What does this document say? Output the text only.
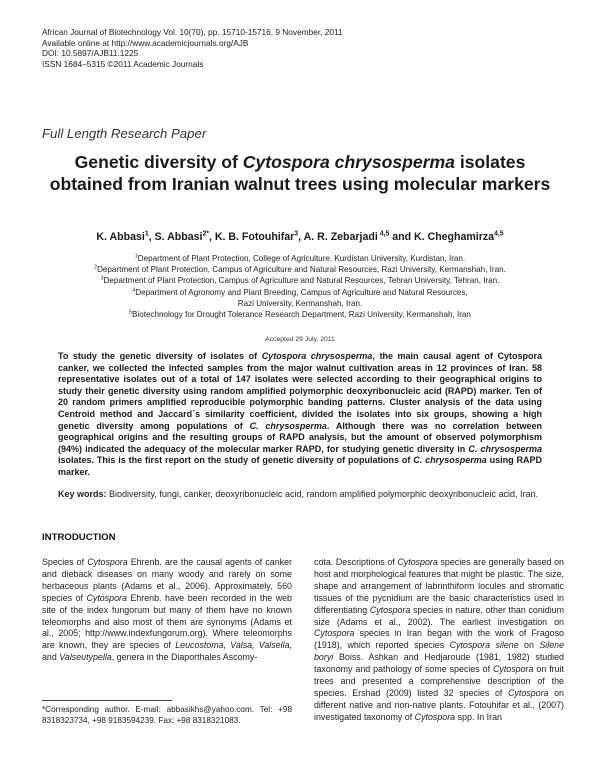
African Journal of Biotechnology Vol. 10(70), pp. 15710-15716, 9 November, 2011
Available online at http://www.academicjournals.org/AJB
DOI: 10.5897/AJB11.1225
ISSN 1684–5315 ©2011 Academic Journals
Full Length Research Paper
Genetic diversity of Cytospora chrysosperma isolates obtained from Iranian walnut trees using molecular markers
K. Abbasi$^1$, S. Abbasi$^{2*}$, K. B. Fotouhifar$^3$, A. R. Zebarjadi $^{4,5}$ and K. Cheghamirza$^{4,5}$
$^1$Department of Plant Protection, College of Agriculture, Kurdistan University, Kurdistan, Iran.
$^2$Department of Plant Protection, Campus of Agriculture and Natural Resources, Razi University, Kermanshah, Iran.
$^3$Department of Plant Protection, Campus of Agriculture and Natural Resources, Tehran University, Tehran, Iran.
$^4$Department of Agronomy and Plant Breeding, Campus of Agriculture and Natural Resources,
Razi University, Kermanshah, Iran.
$^5$Biotechnology for Drought Tolerance Research Department, Razi University, Kermanshah, Iran
Accepted 29 July, 2011
To study the genetic diversity of isolates of Cytospora chrysosperma, the main causal agent of Cytospora canker, we collected the infected samples from the major walnut cultivation areas in 12 provinces of Iran. 58 representative isolates out of a total of 147 isolates were selected according to their geographical origins to study their genetic diversity using random amplified polymorphic deoxyribonucleic acid (RAPD) marker. Ten of 20 random primers amplified reproducible polymorphic banding patterns. Cluster analysis of the data using Centroid method and Jaccard´s similarity coefficient, divided the isolates into six groups, showing a high genetic diversity among populations of C. chrysosperma. Although there was no correlation between geographical origins and the resulting groups of RAPD analysis, but the amount of observed polymorphism (94%) indicated the adequacy of the molecular marker RAPD, for studying genetic diversity in C. chrysosperma isolates. This is the first report on the study of genetic diversity of populations of C. chrysosperma using RAPD marker.
Key words: Biodiversity, fungi, canker, deoxyribonucleic acid, random amplified polymorphic deoxyribonucleic acid, Iran.
INTRODUCTION
Species of Cytospora Ehrenb. are the causal agents of canker and dieback diseases on many woody and rarely on some herbaceous plants (Adams et al., 2006). Approximately, 560 species of Cytospora Ehrenb. have been recorded in the web site of the index fungorum but many of them have no known teleomorphs and also most of them are synonyms (Adams et al., 2005; http://www.indexfungorum.org). Where teleomorphs are known, they are species of Leucostoma, Valsa, Valsella, and Valseutypella, genera in the Diaporthales Ascomy-
cota. Descriptions of Cytospora species are generally based on host and morphological features that might be plastic. The size, shape and arrangement of labrinthiform locules and stromatic tissues of the pycnidium are the basic characteristics used in differentiating Cytospora species in nature, other than conidium size (Adams et al., 2002). The earliest investigation on Cytospora species in Iran began with the work of Fragoso (1918), which reported species Cytospora silene on Silene boryi Boiss. Ashkan and Hedjaroude (1981, 1982) studied taxonomy and pathology of some species of Cytospora on fruit trees and presented a comprehensive description of the species. Ershad (2009) listed 32 species of Cytospora on different native and non-native plants. Fotouhifar et al., (2007) investigated taxonomy of Cytospora spp. In Iran
*Corresponding author. E-mail: abbasikhs@yahoo.com. Tel: +98 8318323734, +98 9183594239. Fax: +98 8318321083.
